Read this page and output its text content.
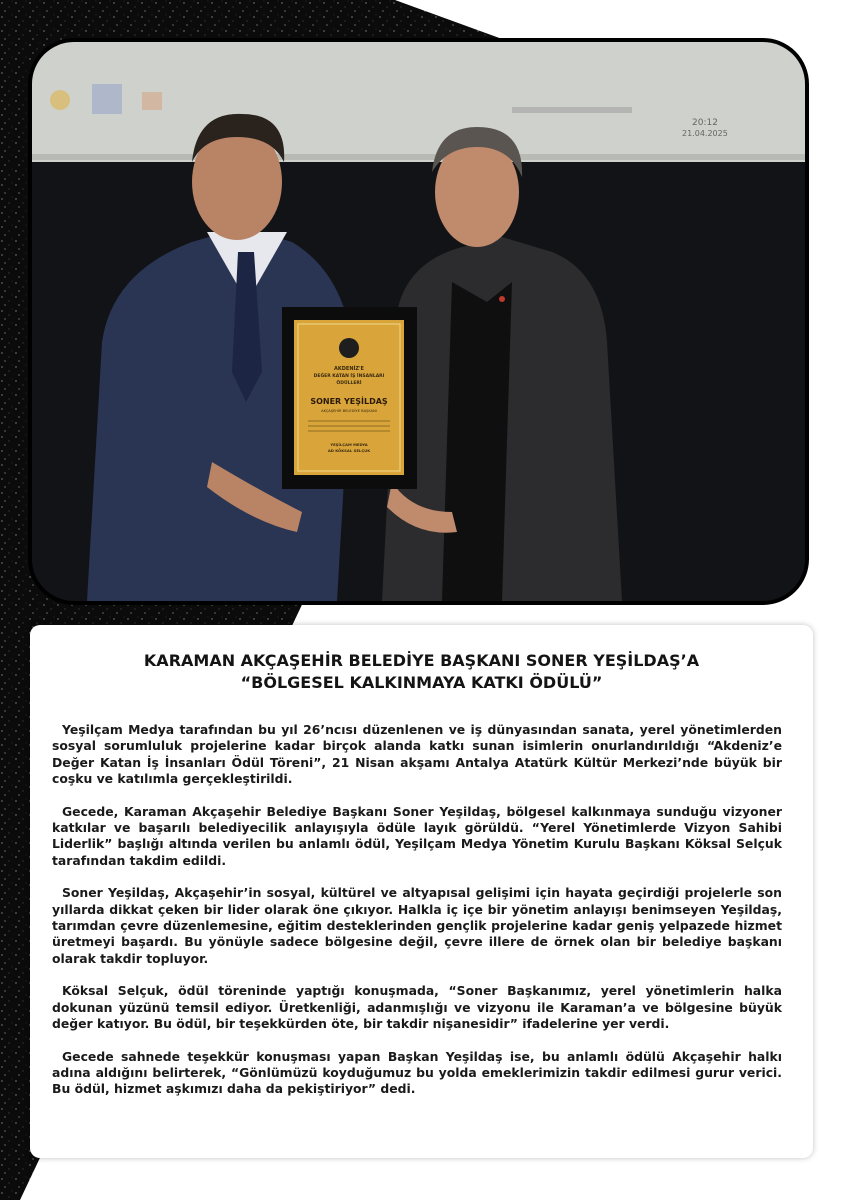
20:12
21.04.2025
AKDENİZ'E
DEĞER KATAN İŞ İNSANLARI
ÖDÜLLERİ
SONER YEŞİLDAŞ
AKÇAŞEHİR BELEDİYE BAŞKANI
YEŞİLÇAM MEDYA
AD KÖKSAL SELÇUK
KARAMAN AKÇAŞEHİR BELEDİYE BAŞKANI SONER YEŞİLDAŞ’A
“BÖLGESEL KALKINMAYA KATKI ÖDÜLÜ”

Yeşilçam Medya tarafından bu yıl 26’ncısı düzenlenen ve iş dünyasından sanata, yerel yönetimlerden sosyal sorumluluk projelerine kadar birçok alanda katkı sunan isimlerin onurlandırıldığı “Akdeniz’e Değer Katan İş İnsanları Ödül Töreni”, 21 Nisan akşamı Antalya Atatürk Kültür Merkezi’nde büyük bir coşku ve katılımla gerçekleştirildi.

Gecede, Karaman Akçaşehir Belediye Başkanı Soner Yeşildaş, bölgesel kalkınmaya sunduğu vizyoner katkılar ve başarılı belediyecilik anlayışıyla ödüle layık görüldü. “Yerel Yönetimlerde Vizyon Sahibi Liderlik” başlığı altında verilen bu anlamlı ödül, Yeşilçam Medya Yönetim Kurulu Başkanı Köksal Selçuk tarafından takdim edildi.

Soner Yeşildaş, Akçaşehir’in sosyal, kültürel ve altyapısal gelişimi için hayata geçirdiği projelerle son yıllarda dikkat çeken bir lider olarak öne çıkıyor. Halkla iç içe bir yönetim anlayışı benimseyen Yeşildaş, tarımdan çevre düzenlemesine, eğitim desteklerinden gençlik projelerine kadar geniş yelpazede hizmet üretmeyi başardı. Bu yönüyle sadece bölgesine değil, çevre illere de örnek olan bir belediye başkanı olarak takdir topluyor.

Köksal Selçuk, ödül töreninde yaptığı konuşmada, “Soner Başkanımız, yerel yönetimlerin halka dokunan yüzünü temsil ediyor. Üretkenliği, adanmışlığı ve vizyonu ile Karaman’a ve bölgesine büyük değer katıyor. Bu ödül, bir teşekkürden öte, bir takdir nişanesidir” ifadelerine yer verdi.

Gecede sahnede teşekkür konuşması yapan Başkan Yeşildaş ise, bu anlamlı ödülü Akçaşehir halkı adına aldığını belirterek, “Gönlümüzü koyduğumuz bu yolda emeklerimizin takdir edilmesi gurur verici. Bu ödül, hizmet aşkımızı daha da pekiştiriyor” dedi.
